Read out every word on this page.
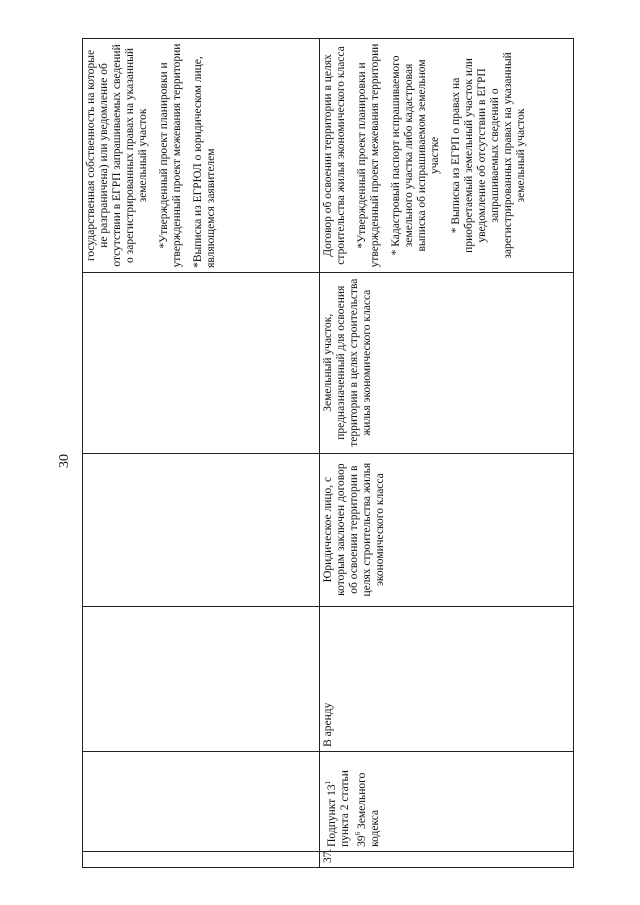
30

					государственная собственность на которые не разграничена) или уведомление об отсутствии в ЕГРП запрашиваемых сведений о зарегистрированных правах на указанный земельный участок *Утвержденный проект планировки и утвержденный проект межевания территории *Выписка из ЕГРЮЛ о юридическом лице, являющемся заявителем

37.	Подпункт $13^1$ пункта 2 статьи $39^6$ Земельного кодекса	В аренду	Юридическое лицо, с которым заключен договор об освоении территории в целях строительства жилья экономического класса	Земельный участок, предназначенный для освоения территории в целях строительства жилья экономического класса	Договор об освоении территории в целях строительства жилья экономического класса *Утвержденный проект планировки и утвержденный проект межевания территории * Кадастровый паспорт испрашиваемого земельного участка либо кадастровая выписка об испрашиваемом земельном участке * Выписка из ЕГРП о правах на приобретаемый земельный участок или уведомление об отсутствии в ЕГРП запрашиваемых сведений о зарегистрированных правах на указанный земельный участок
